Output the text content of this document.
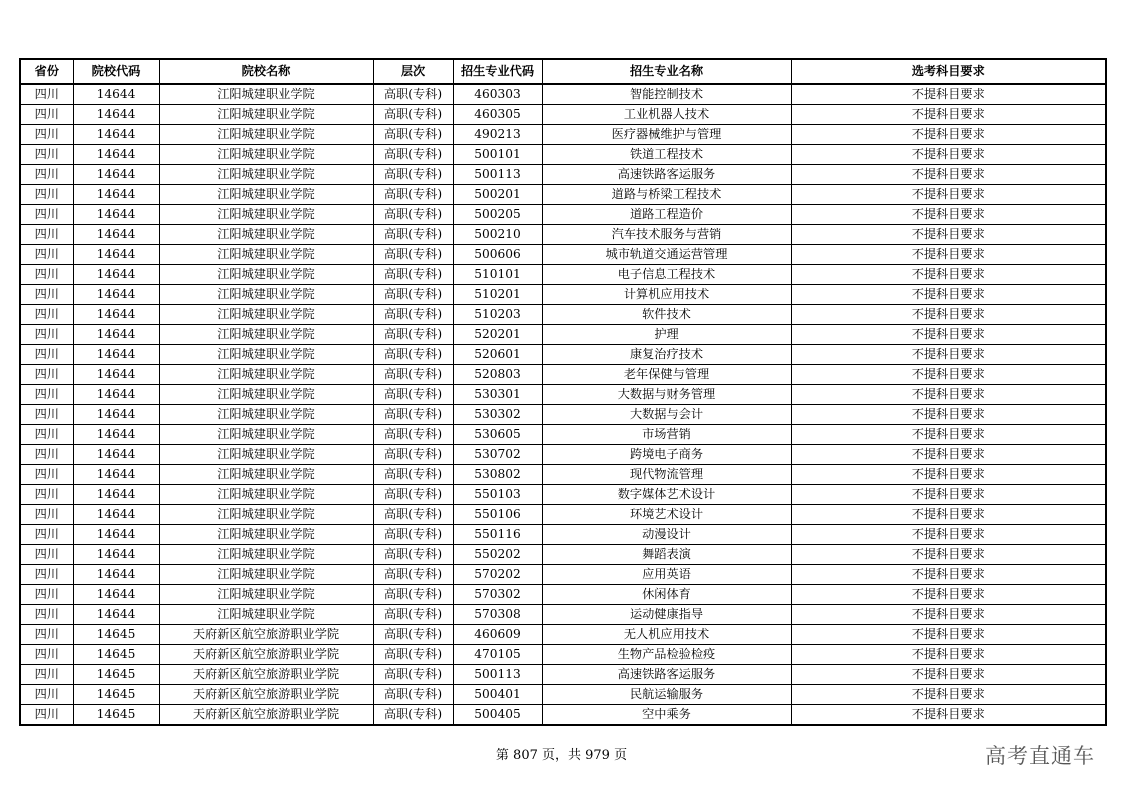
省份	院校代码	院校名称	层次	招生专业代码	招生专业名称	选考科目要求
四川	14644	江阳城建职业学院	高职(专科)	460303	智能控制技术	不提科目要求
四川	14644	江阳城建职业学院	高职(专科)	460305	工业机器人技术	不提科目要求
四川	14644	江阳城建职业学院	高职(专科)	490213	医疗器械维护与管理	不提科目要求
四川	14644	江阳城建职业学院	高职(专科)	500101	铁道工程技术	不提科目要求
四川	14644	江阳城建职业学院	高职(专科)	500113	高速铁路客运服务	不提科目要求
四川	14644	江阳城建职业学院	高职(专科)	500201	道路与桥梁工程技术	不提科目要求
四川	14644	江阳城建职业学院	高职(专科)	500205	道路工程造价	不提科目要求
四川	14644	江阳城建职业学院	高职(专科)	500210	汽车技术服务与营销	不提科目要求
四川	14644	江阳城建职业学院	高职(专科)	500606	城市轨道交通运营管理	不提科目要求
四川	14644	江阳城建职业学院	高职(专科)	510101	电子信息工程技术	不提科目要求
四川	14644	江阳城建职业学院	高职(专科)	510201	计算机应用技术	不提科目要求
四川	14644	江阳城建职业学院	高职(专科)	510203	软件技术	不提科目要求
四川	14644	江阳城建职业学院	高职(专科)	520201	护理	不提科目要求
四川	14644	江阳城建职业学院	高职(专科)	520601	康复治疗技术	不提科目要求
四川	14644	江阳城建职业学院	高职(专科)	520803	老年保健与管理	不提科目要求
四川	14644	江阳城建职业学院	高职(专科)	530301	大数据与财务管理	不提科目要求
四川	14644	江阳城建职业学院	高职(专科)	530302	大数据与会计	不提科目要求
四川	14644	江阳城建职业学院	高职(专科)	530605	市场营销	不提科目要求
四川	14644	江阳城建职业学院	高职(专科)	530702	跨境电子商务	不提科目要求
四川	14644	江阳城建职业学院	高职(专科)	530802	现代物流管理	不提科目要求
四川	14644	江阳城建职业学院	高职(专科)	550103	数字媒体艺术设计	不提科目要求
四川	14644	江阳城建职业学院	高职(专科)	550106	环境艺术设计	不提科目要求
四川	14644	江阳城建职业学院	高职(专科)	550116	动漫设计	不提科目要求
四川	14644	江阳城建职业学院	高职(专科)	550202	舞蹈表演	不提科目要求
四川	14644	江阳城建职业学院	高职(专科)	570202	应用英语	不提科目要求
四川	14644	江阳城建职业学院	高职(专科)	570302	休闲体育	不提科目要求
四川	14644	江阳城建职业学院	高职(专科)	570308	运动健康指导	不提科目要求
四川	14645	天府新区航空旅游职业学院	高职(专科)	460609	无人机应用技术	不提科目要求
四川	14645	天府新区航空旅游职业学院	高职(专科)	470105	生物产品检验检疫	不提科目要求
四川	14645	天府新区航空旅游职业学院	高职(专科)	500113	高速铁路客运服务	不提科目要求
四川	14645	天府新区航空旅游职业学院	高职(专科)	500401	民航运输服务	不提科目要求
四川	14645	天府新区航空旅游职业学院	高职(专科)	500405	空中乘务	不提科目要求
第 807 页，共 979 页	高考直通车
